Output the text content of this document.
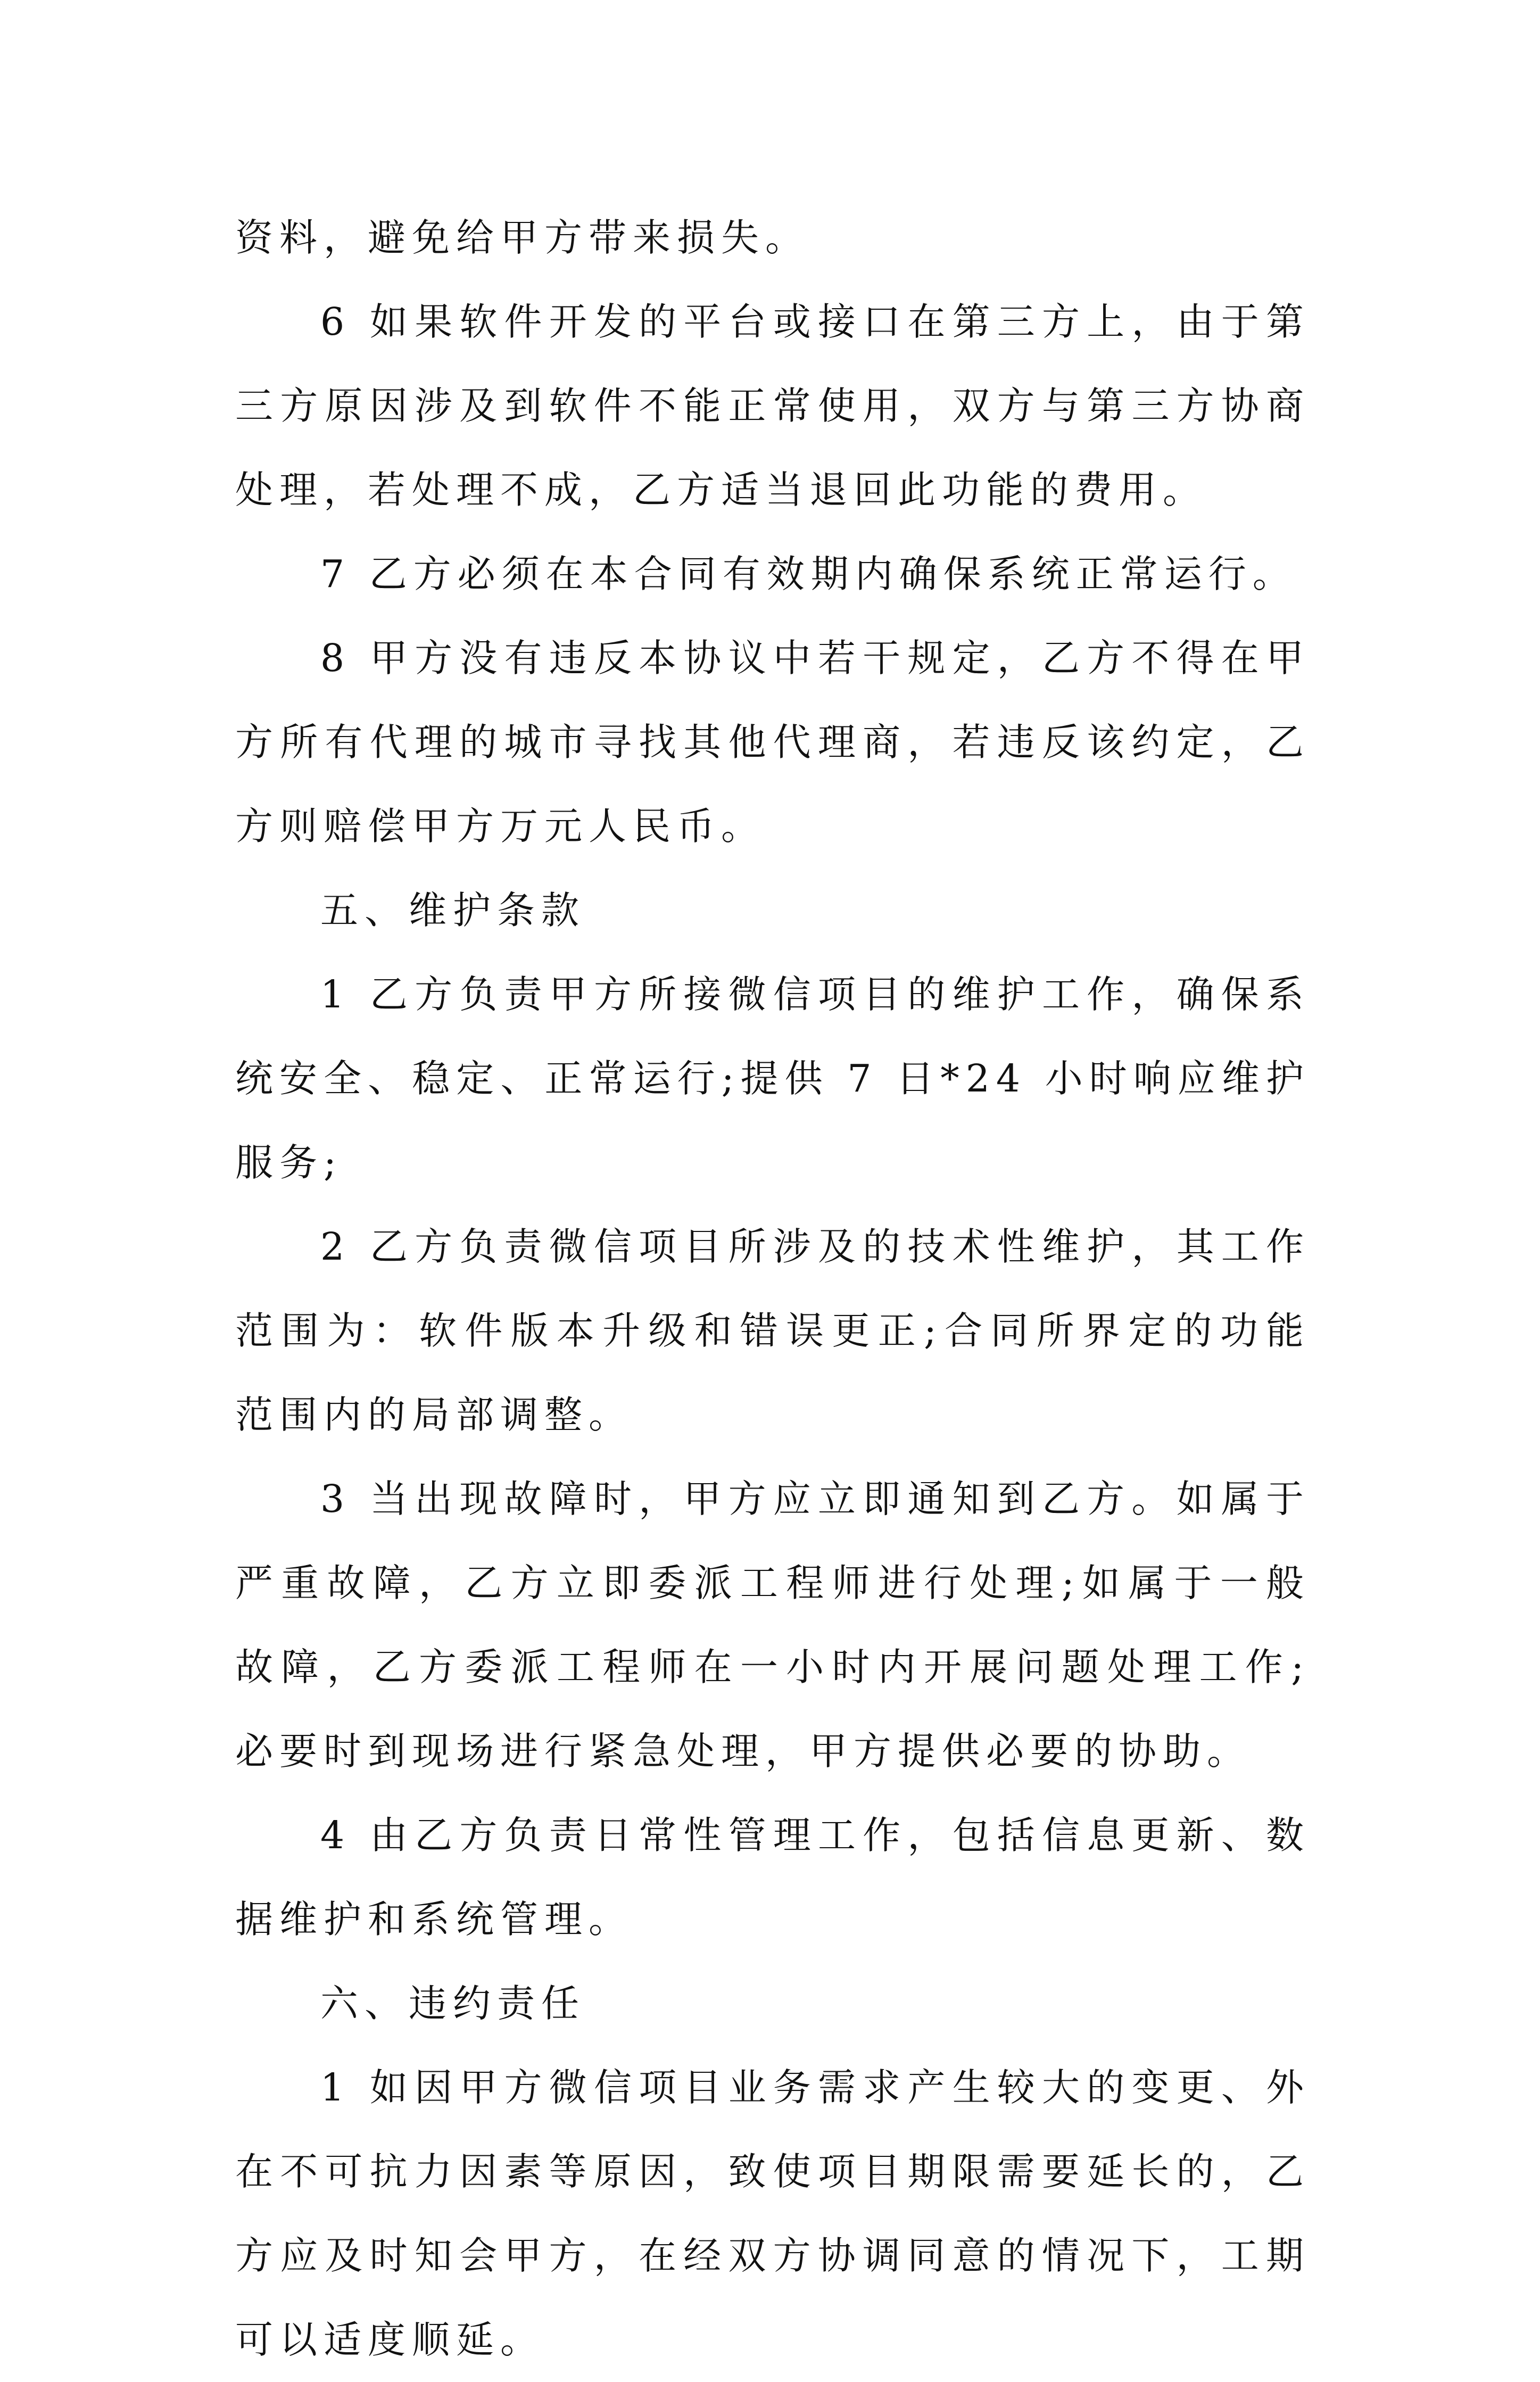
资料，避免给甲方带来损失。

6 如果软件开发的平台或接口在第三方上，由于第三方原因涉及到软件不能正常使用，双方与第三方协商处理，若处理不成，乙方适当退回此功能的费用。

7 乙方必须在本合同有效期内确保系统正常运行。

8 甲方没有违反本协议中若干规定，乙方不得在甲方所有代理的城市寻找其他代理商，若违反该约定，乙方则赔偿甲方万元人民币。

五、维护条款

1 乙方负责甲方所接微信项目的维护工作，确保系统安全、稳定、正常运行;提供 7 日*24 小时响应维护服务;

2 乙方负责微信项目所涉及的技术性维护，其工作范围为：软件版本升级和错误更正;合同所界定的功能范围内的局部调整。

3 当出现故障时，甲方应立即通知到乙方。如属于严重故障，乙方立即委派工程师进行处理;如属于一般故障，乙方委派工程师在一小时内开展问题处理工作;必要时到现场进行紧急处理，甲方提供必要的协助。

4 由乙方负责日常性管理工作，包括信息更新、数据维护和系统管理。

六、违约责任

1 如因甲方微信项目业务需求产生较大的变更、外在不可抗力因素等原因，致使项目期限需要延长的，乙方应及时知会甲方，在经双方协调同意的情况下，工期可以适度顺延。
